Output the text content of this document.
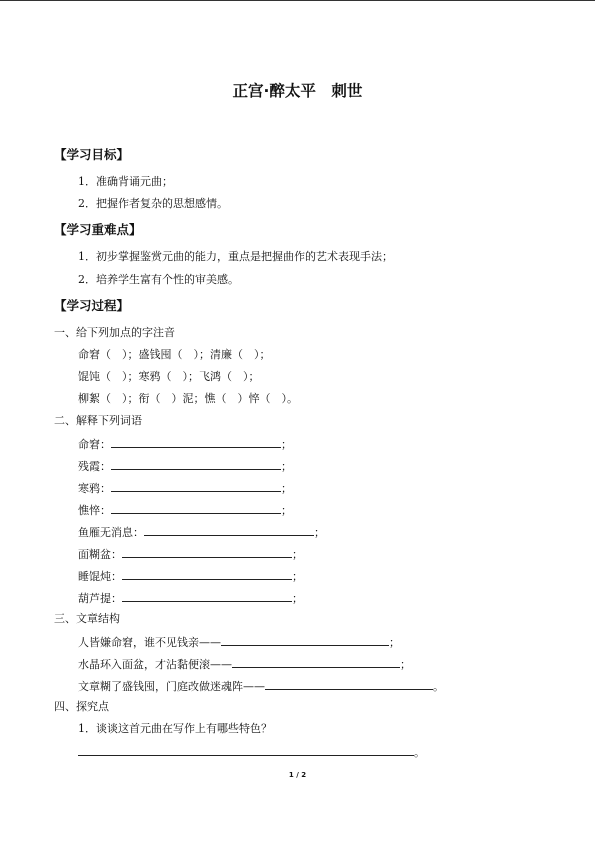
正宫·醉太平　刺世
【学习目标】
1．准确背诵元曲；
2．把握作者复杂的思想感情。
【学习重难点】
1．初步掌握鉴赏元曲的能力，重点是把握曲作的艺术表现手法；
2．培养学生富有个性的审美感。
【学习过程】
一、给下列加点的字注音
命窘（　）；盛钱囤（　）；清廉（　）；
馄饨（　）；寒鸦（　）；飞鸿（　）；
柳絮（　）；衔（　）泥；憔（　）悴（　）。
二、解释下列词语
命窘：	；
残霞：	；
寒鸦：	；
憔悴：	；
鱼雁无消息：	；
面糊盆：	；
睡馄炖：	；
葫芦提：	；
三、文章结构
人皆嫌命窘，谁不见钱亲——	；
水晶环入面盆，才沾黏便滚——	；
文章糊了盛钱囤，门庭改做迷魂阵——	。
四、探究点
1．谈谈这首元曲在写作上有哪些特色？
。
1 / 2
